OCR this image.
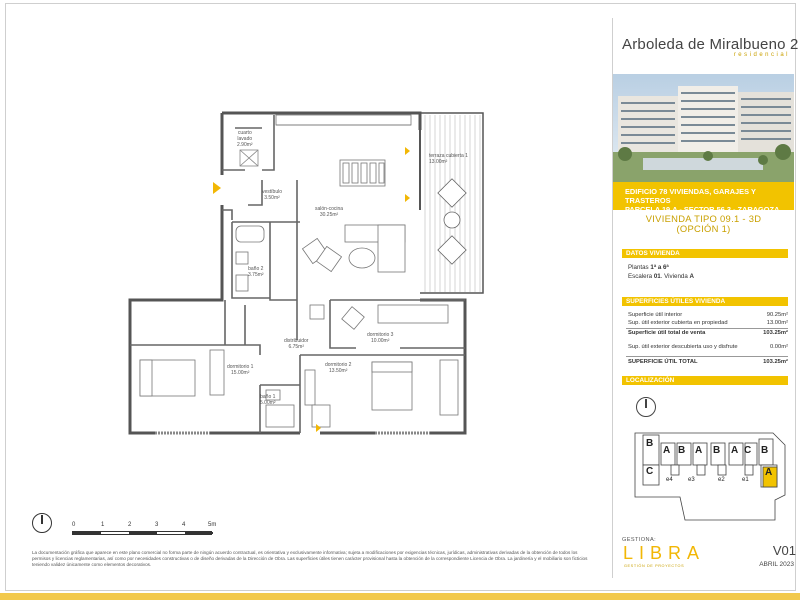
cuarto
lavado
2.90m²
vestíbulo
3.50m²
salón-cocina
30.25m²
terraza cubierta 1
13.00m²
baño 2
3.75m²
dormitorio 3
10.00m²
distribuidor
6.75m²
dormitorio 1
15.00m²
dormitorio 2
13.50m²
baño 1
5.00m²
0	1	2	3	4	5m
La documentación gráfica que aparece en este plano comercial no forma parte de ningún acuerdo contractual, es orientativa y exclusivamente informativa; sujeta a modificaciones por exigencias técnicas, jurídicas, administrativas derivadas de la obtención de todos los permisos y licencias reglamentarias, así como por necesidades constructivas o de diseño derivadas de la Dirección de Obra. Las superficies útiles tienen carácter provisional hasta la obtención de la correspondiente Licencia de Obra. La jardinería y el mobiliario son ficticios teniendo validez únicamente como elementos decorativos.
Arboleda de Miralbueno 2
residencial
EDIFICIO 78 VIVIENDAS, GARAJES Y TRASTEROS
PARCELA 19.A - SECTOR 56.3 - ZARAGOZA
VIVIENDA TIPO 09.1 - 3D
(OPCIÓN 1)
DATOS VIVIENDA
Plantas 1ª a 6ª
Escalera 01. Vivienda A
SUPERFICIES ÚTILES VIVIENDA
Superficie útil interior	90.25m²
Sup. útil exterior cubierta en propiedad	13.00m²
Superficie útil total de venta	103.25m²
Sup. útil exterior descubierta uso y disfrute	0.00m²
SUPERFICIE ÚTIL TOTAL	103.25m²
LOCALIZACIÓN
B
A B A B A C B
C	A
e4	e3	e2	e1
GESTIONA:
LIBRA
GESTIÓN DE PROYECTOS
V01
ABRIL 2023
